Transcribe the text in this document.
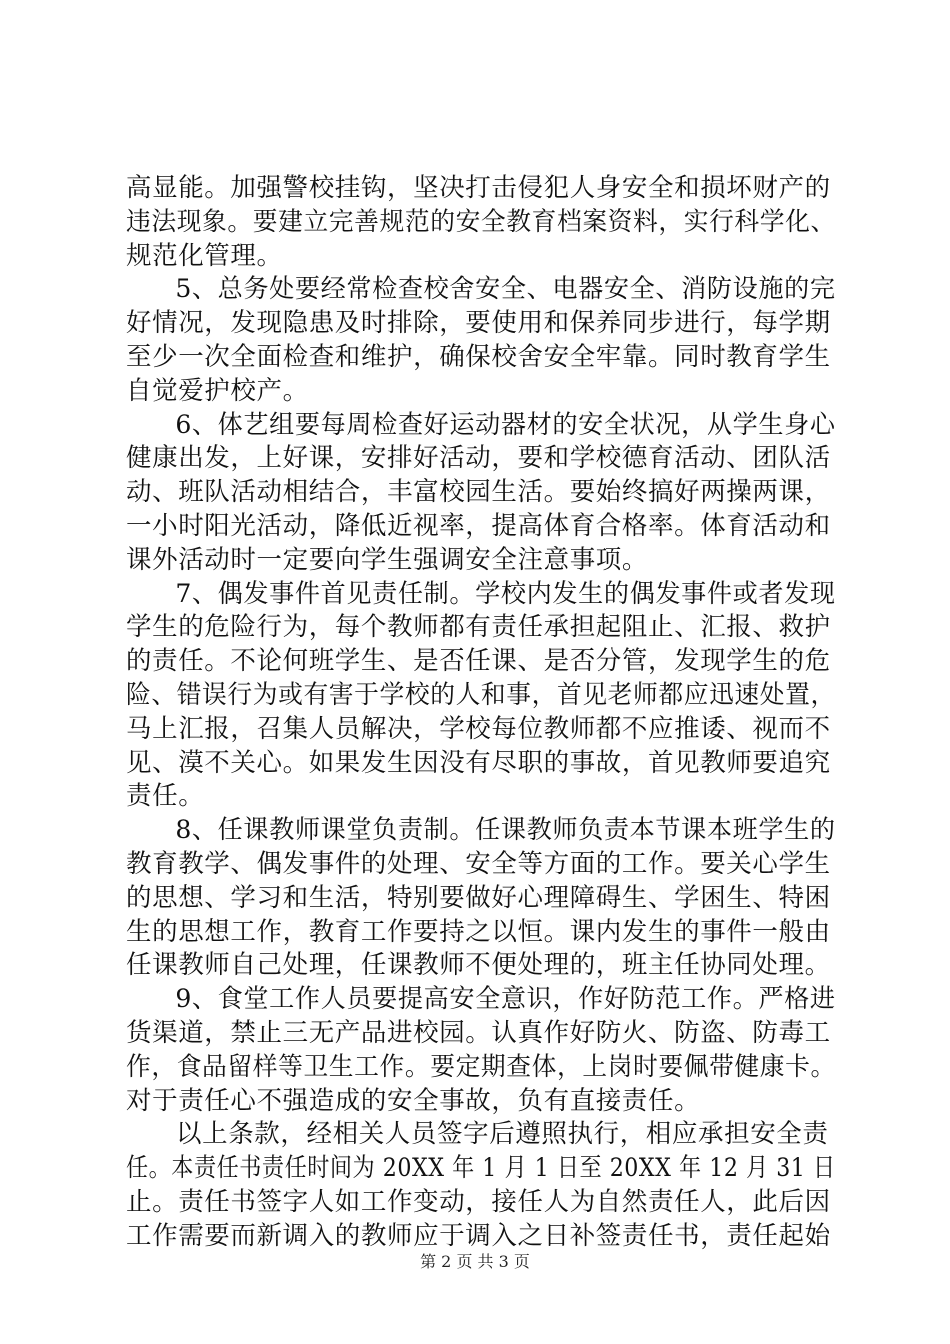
高显能。加强警校挂钩，坚决打击侵犯人身安全和损坏财产的
违法现象。要建立完善规范的安全教育档案资料，实行科学化、
规范化管理。
5、总务处要经常检查校舍安全、电器安全、消防设施的完
好情况，发现隐患及时排除，要使用和保养同步进行，每学期
至少一次全面检查和维护，确保校舍安全牢靠。同时教育学生
自觉爱护校产。
6、体艺组要每周检查好运动器材的安全状况，从学生身心
健康出发，上好课，安排好活动，要和学校德育活动、团队活
动、班队活动相结合，丰富校园生活。要始终搞好两操两课，
一小时阳光活动，降低近视率，提高体育合格率。体育活动和
课外活动时一定要向学生强调安全注意事项。
7、偶发事件首见责任制。学校内发生的偶发事件或者发现
学生的危险行为，每个教师都有责任承担起阻止、汇报、救护
的责任。不论何班学生、是否任课、是否分管，发现学生的危
险、错误行为或有害于学校的人和事，首见老师都应迅速处置，
马上汇报，召集人员解决，学校每位教师都不应推诿、视而不
见、漠不关心。如果发生因没有尽职的事故，首见教师要追究
责任。
8、任课教师课堂负责制。任课教师负责本节课本班学生的
教育教学、偶发事件的处理、安全等方面的工作。要关心学生
的思想、学习和生活，特别要做好心理障碍生、学困生、特困
生的思想工作，教育工作要持之以恒。课内发生的事件一般由
任课教师自己处理，任课教师不便处理的，班主任协同处理。
9、食堂工作人员要提高安全意识，作好防范工作。严格进
货渠道，禁止三无产品进校园。认真作好防火、防盗、防毒工
作，食品留样等卫生工作。要定期查体，上岗时要佩带健康卡。
对于责任心不强造成的安全事故，负有直接责任。
以上条款，经相关人员签字后遵照执行，相应承担安全责
任。本责任书责任时间为 20XX 年 1 月 1 日至 20XX 年 12 月 31 日
止。责任书签字人如工作变动，接任人为自然责任人，此后因
工作需要而新调入的教师应于调入之日补签责任书，责任起始
第 2 页 共 3 页
